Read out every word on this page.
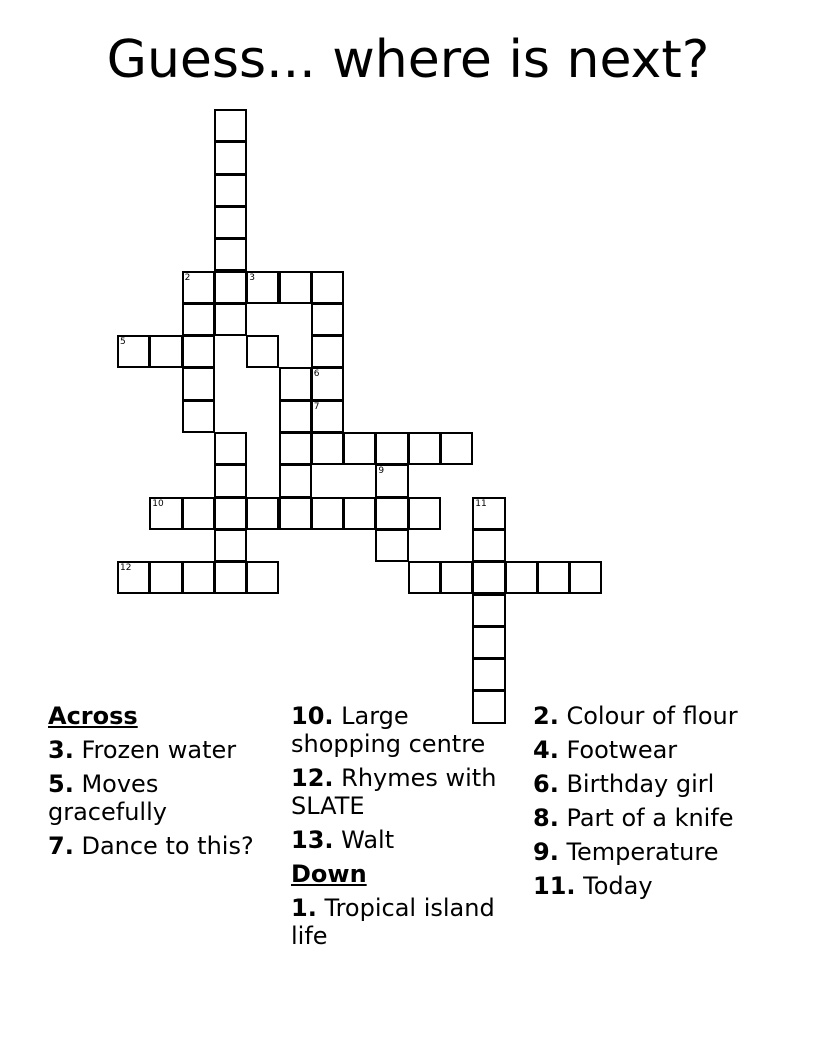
Guess... where is next?
2	3
6
7
5
10	11
9
12
Across
3. Frozen water
5. Moves gracefully
7. Dance to this?
10. Large shopping centre
12. Rhymes with SLATE
13. Walt
Down
1. Tropical island life
2. Colour of flour
4. Footwear
6. Birthday girl
8. Part of a knife
9. Temperature
11. Today
